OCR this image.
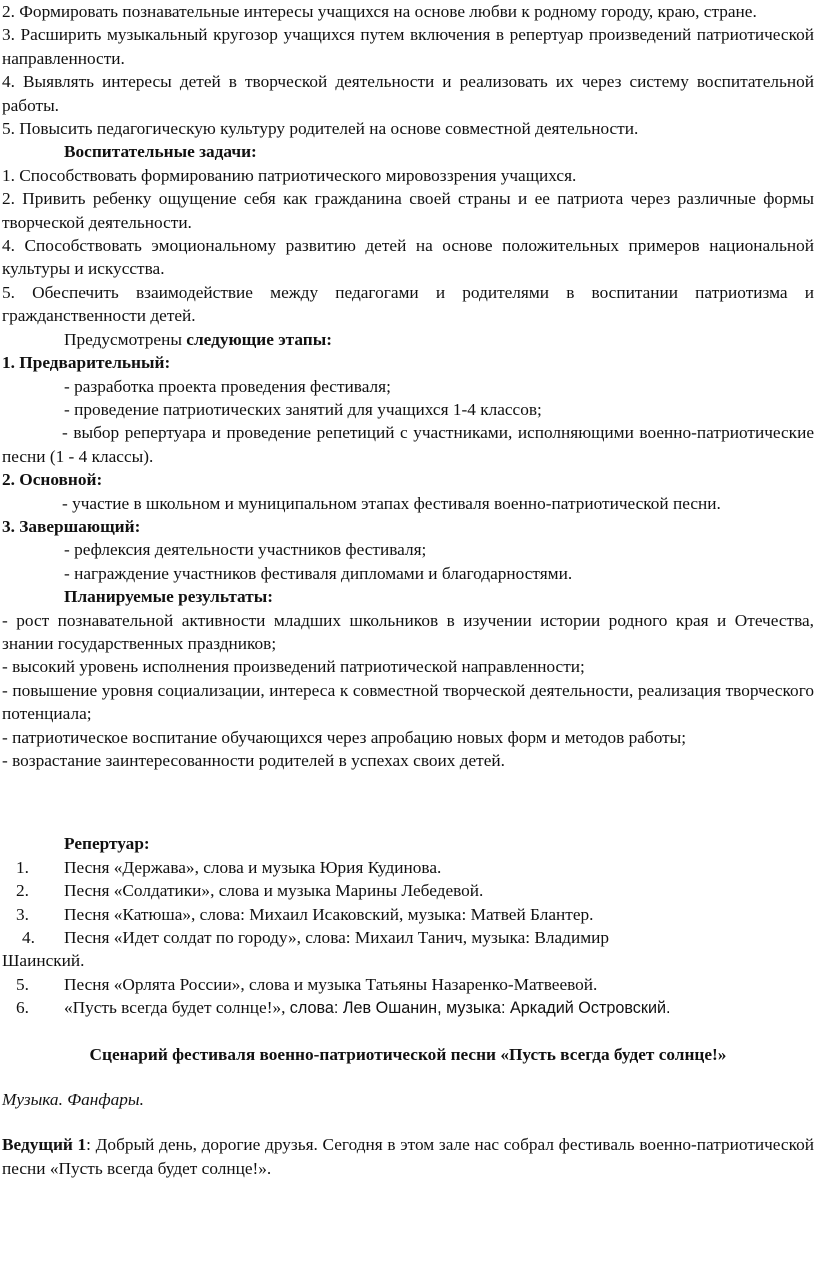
2. Формировать познавательные интересы учащихся на основе любви к родному городу, краю, стране.

3. Расширить музыкальный кругозор учащихся путем включения в репертуар произведений патриотической направленности.

4. Выявлять интересы детей в творческой деятельности и реализовать их через систему воспитательной работы.

5. Повысить педагогическую культуру родителей на основе совместной деятельности.

Воспитательные задачи:

1. Способствовать формированию патриотического мировоззрения учащихся.

2. Привить ребенку ощущение себя как гражданина своей страны и ее патриота через различные формы творческой деятельности.

4. Способствовать эмоциональному развитию детей на основе положительных примеров национальной культуры и искусства.

5. Обеспечить взаимодействие между педагогами и родителями в воспитании патриотизма и гражданственности детей.

Предусмотрены следующие этапы:

1. Предварительный:

- разработка проекта проведения фестиваля;

- проведение патриотических занятий для учащихся 1-4 классов;

- выбор репертуара и проведение репетиций с участниками, исполняющими военно-патриотические песни (1 - 4 классы).

2. Основной:

- участие в школьном и муниципальном этапах фестиваля военно-патриотической песни.

3. Завершающий:

- рефлексия деятельности участников фестиваля;

- награждение участников фестиваля дипломами и благодарностями.

Планируемые результаты:

- рост познавательной активности младших школьников в изучении истории родного края и Отечества, знании государственных праздников;

- высокий уровень исполнения произведений патриотической направленности;

- повышение уровня социализации, интереса к совместной творческой деятельности, реализация творческого потенциала;

- патриотическое воспитание обучающихся через апробацию новых форм и методов работы;

- возрастание заинтересованности родителей в успехах своих детей.

Репертуар:

1. Песня «Держава», слова и музыка Юрия Кудинова.

2. Песня «Солдатики», слова и музыка Марины Лебедевой.

3. Песня «Катюша», слова: Михаил Исаковский, музыка: Матвей Блантер.

4. Песня «Идет солдат по городу», слова: Михаил Танич, музыка: Владимир
Шаинский.

5. Песня «Орлята России», слова и музыка Татьяны Назаренко-Матвеевой.

6. «Пусть всегда будет солнце!», слова: Лев Ошанин, музыка: Аркадий Островский.

Сценарий фестиваля военно-патриотической песни «Пусть всегда будет солнце!»

Музыка. Фанфары.

Ведущий 1: Добрый день, дорогие друзья. Сегодня в этом зале нас собрал фестиваль военно-патриотической песни «Пусть всегда будет солнце!».
